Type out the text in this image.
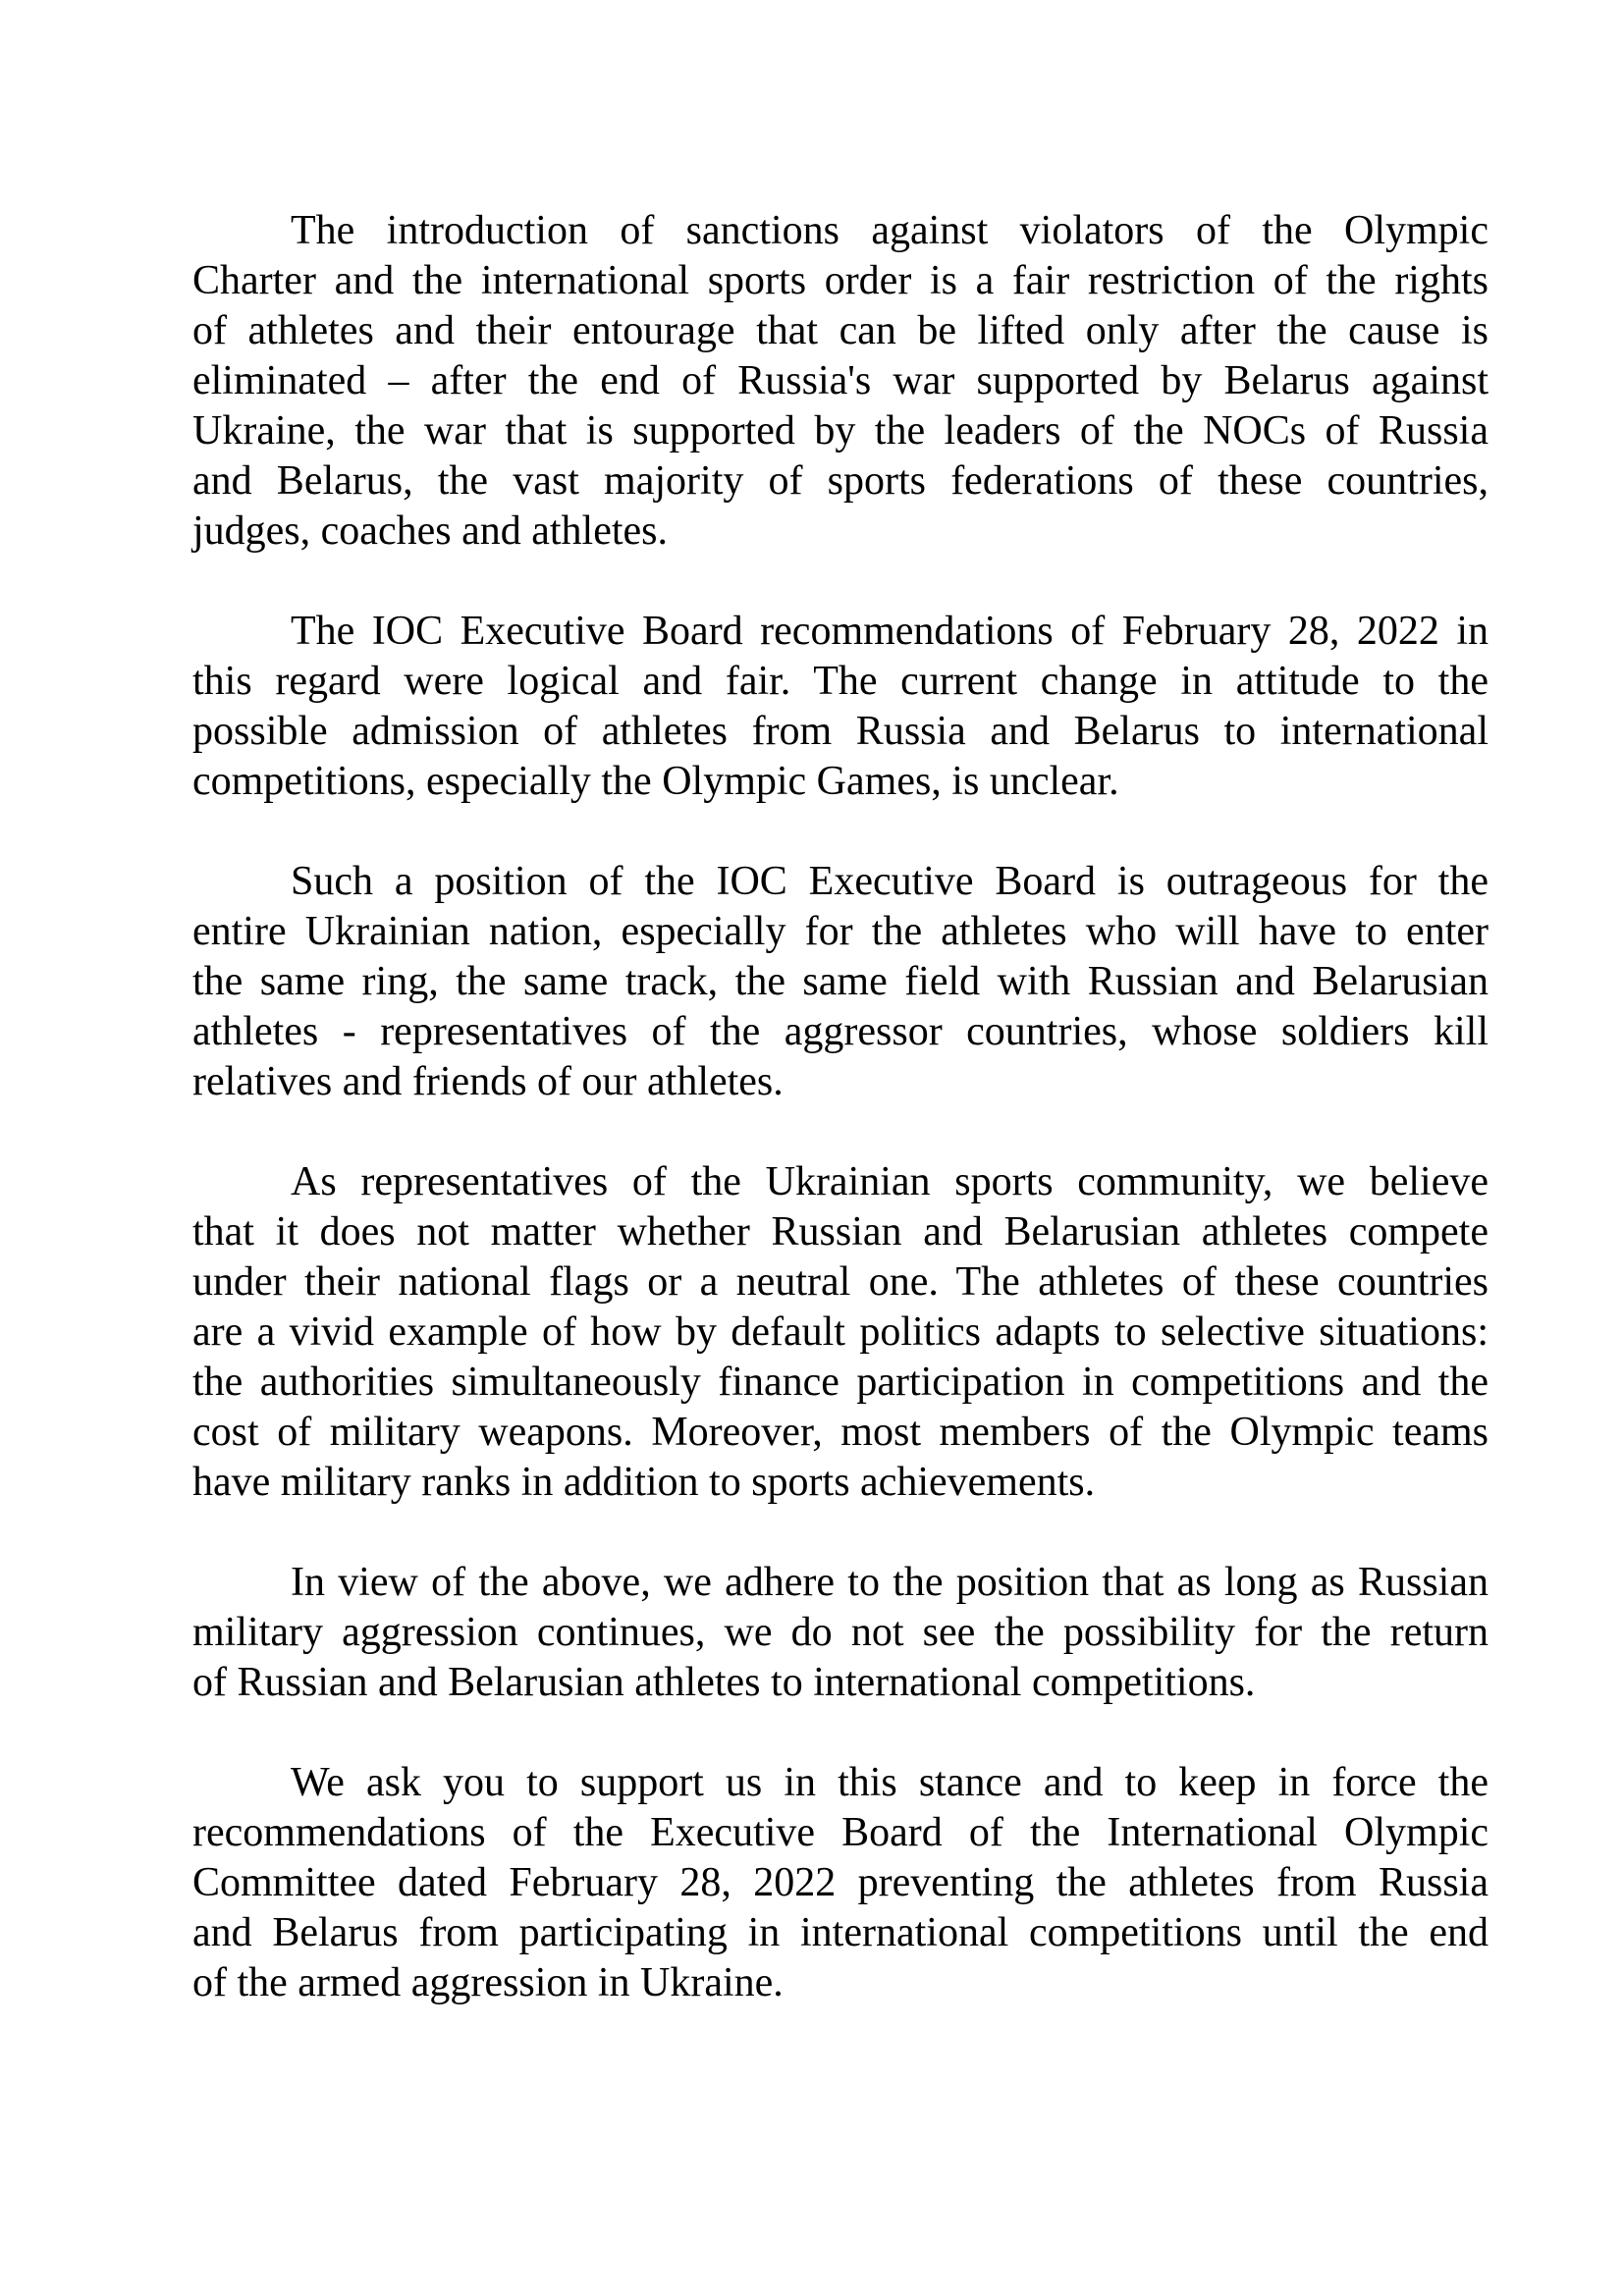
The introduction of sanctions against violators of the Olympic
Charter and the international sports order is a fair restriction of the rights
of athletes and their entourage that can be lifted only after the cause is
eliminated – after the end of Russia's war supported by Belarus against
Ukraine, the war that is supported by the leaders of the NOCs of Russia
and Belarus, the vast majority of sports federations of these countries,
judges, coaches and athletes.

The IOC Executive Board recommendations of February 28, 2022 in
this regard were logical and fair. The current change in attitude to the
possible admission of athletes from Russia and Belarus to international
competitions, especially the Olympic Games, is unclear.

Such a position of the IOC Executive Board is outrageous for the
entire Ukrainian nation, especially for the athletes who will have to enter
the same ring, the same track, the same field with Russian and Belarusian
athletes - representatives of the aggressor countries, whose soldiers kill
relatives and friends of our athletes.

As representatives of the Ukrainian sports community, we believe
that it does not matter whether Russian and Belarusian athletes compete
under their national flags or a neutral one. The athletes of these countries
are a vivid example of how by default politics adapts to selective situations:
the authorities simultaneously finance participation in competitions and the
cost of military weapons. Moreover, most members of the Olympic teams
have military ranks in addition to sports achievements.

In view of the above, we adhere to the position that as long as Russian
military aggression continues, we do not see the possibility for the return
of Russian and Belarusian athletes to international competitions.

We ask you to support us in this stance and to keep in force the
recommendations of the Executive Board of the International Olympic
Committee dated February 28, 2022 preventing the athletes from Russia
and Belarus from participating in international competitions until the end
of the armed aggression in Ukraine.
